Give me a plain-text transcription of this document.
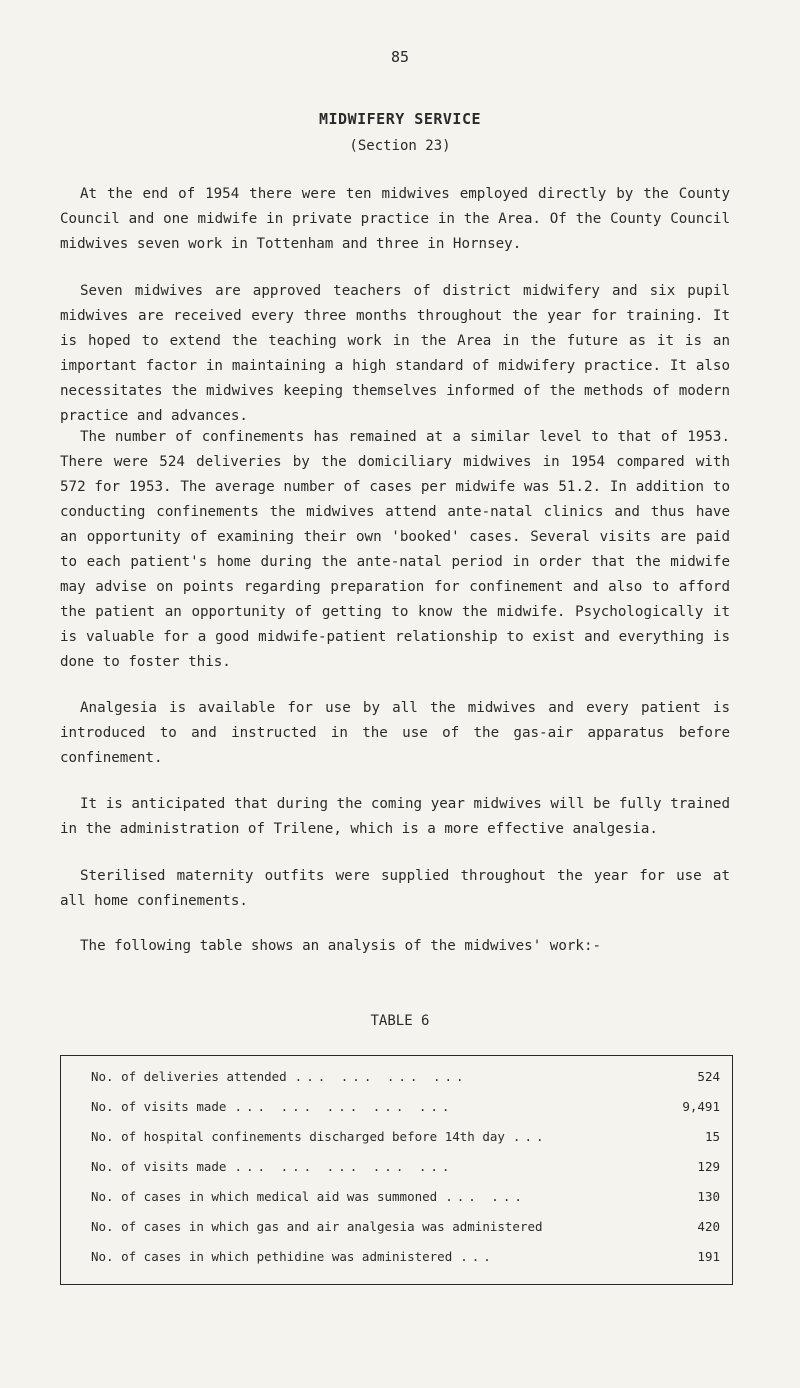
85
MIDWIFERY SERVICE
(Section 23)

At the end of 1954 there were ten midwives employed directly by the County Council and one midwife in private practice in the Area. Of the County Council midwives seven work in Tottenham and three in Hornsey.

Seven midwives are approved teachers of district midwifery and six pupil midwives are received every three months throughout the year for training. It is hoped to extend the teaching work in the Area in the future as it is an important factor in maintaining a high standard of midwifery practice. It also necessitates the midwives keeping themselves informed of the methods of modern practice and advances.

The number of confinements has remained at a similar level to that of 1953. There were 524 deliveries by the domiciliary midwives in 1954 compared with 572 for 1953. The average number of cases per midwife was 51.2. In addition to conducting confinements the midwives attend ante-natal clinics and thus have an opportunity of examining their own 'booked' cases. Several visits are paid to each patient's home during the ante-natal period in order that the midwife may advise on points regarding preparation for confinement and also to afford the patient an opportunity of getting to know the midwife. Psychologically it is valuable for a good midwife-patient relationship to exist and everything is done to foster this.

Analgesia is available for use by all the midwives and every patient is introduced to and instructed in the use of the gas-air apparatus before confinement.

It is anticipated that during the coming year midwives will be fully trained in the administration of Trilene, which is a more effective analgesia.

Sterilised maternity outfits were supplied throughout the year for use at all home confinements.

The following table shows an analysis of the midwives' work:-

TABLE 6
No. of deliveries attended ... ... ... ...	524
No. of visits made ... ... ... ... ...	9,491
No. of hospital confinements discharged before 14th day ...	15
No. of visits made ... ... ... ... ...	129
No. of cases in which medical aid was summoned ... ...	130
No. of cases in which gas and air analgesia was administered	420
No. of cases in which pethidine was administered ...	191
